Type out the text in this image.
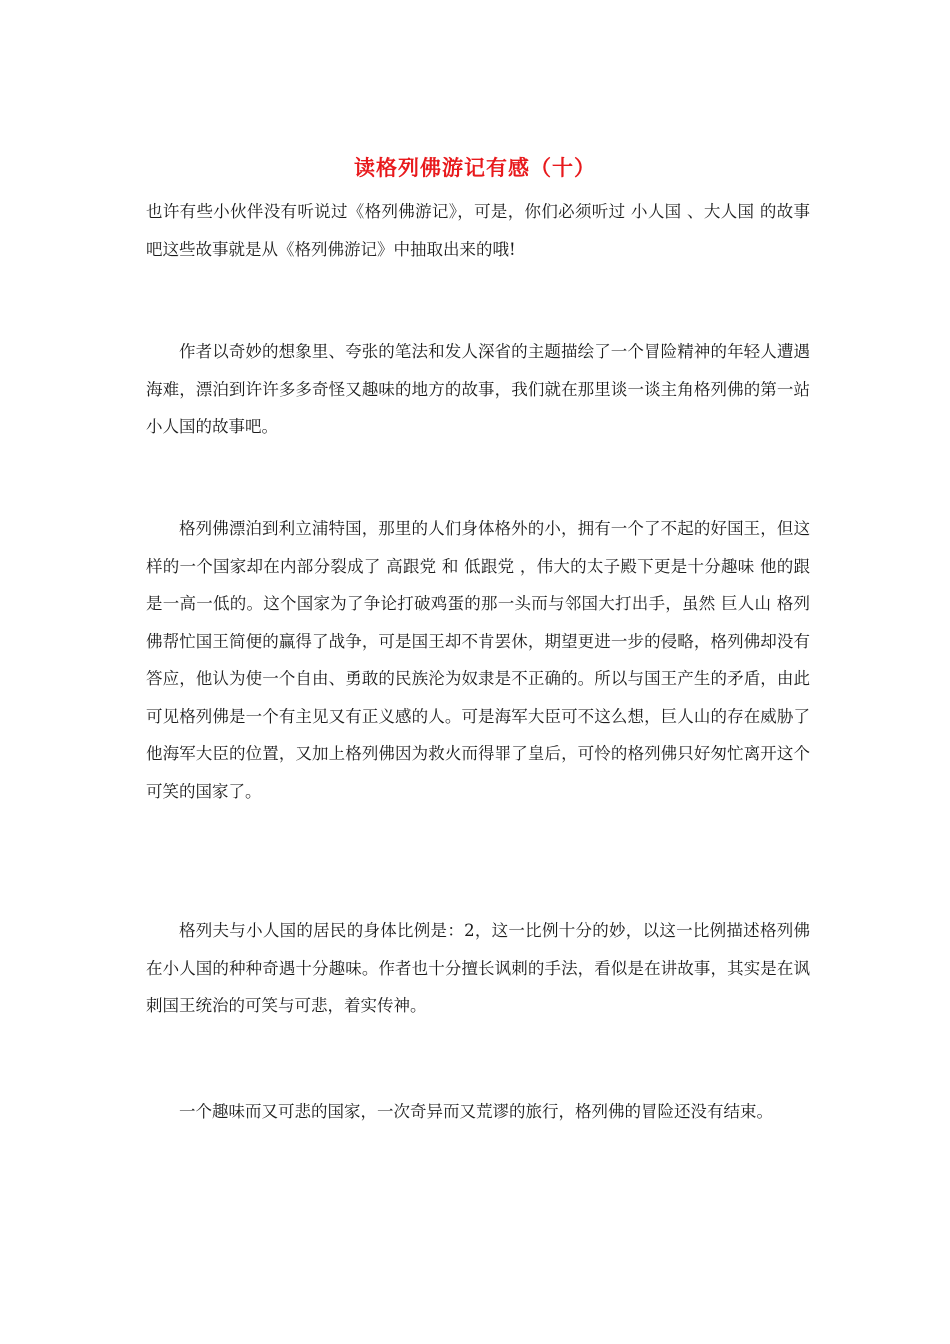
读格列佛游记有感（十）

也许有些小伙伴没有听说过《格列佛游记》，可是，你们必须听过 小人国 、大人国 的故事吧这些故事就是从《格列佛游记》中抽取出来的哦!

作者以奇妙的想象里、夸张的笔法和发人深省的主题描绘了一个冒险精神的年轻人遭遇海难，漂泊到许许多多奇怪又趣味的地方的故事，我们就在那里谈一谈主角格列佛的第一站 小人国的故事吧。

格列佛漂泊到利立浦特国，那里的人们身体格外的小，拥有一个了不起的好国王，但这样的一个国家却在内部分裂成了 高跟党 和 低跟党 ，伟大的太子殿下更是十分趣味 他的跟是一高一低的。这个国家为了争论打破鸡蛋的那一头而与邻国大打出手，虽然 巨人山 格列佛帮忙国王简便的赢得了战争，可是国王却不肯罢休，期望更进一步的侵略，格列佛却没有答应，他认为使一个自由、勇敢的民族沦为奴隶是不正确的。所以与国王产生的矛盾，由此可见格列佛是一个有主见又有正义感的人。可是海军大臣可不这么想，巨人山的存在威胁了他海军大臣的位置，又加上格列佛因为救火而得罪了皇后，可怜的格列佛只好匆忙离开这个可笑的国家了。

格列夫与小人国的居民的身体比例是：2，这一比例十分的妙，以这一比例描述格列佛在小人国的种种奇遇十分趣味。作者也十分擅长讽刺的手法，看似是在讲故事，其实是在讽刺国王统治的可笑与可悲，着实传神。

一个趣味而又可悲的国家，一次奇异而又荒谬的旅行，格列佛的冒险还没有结束。
